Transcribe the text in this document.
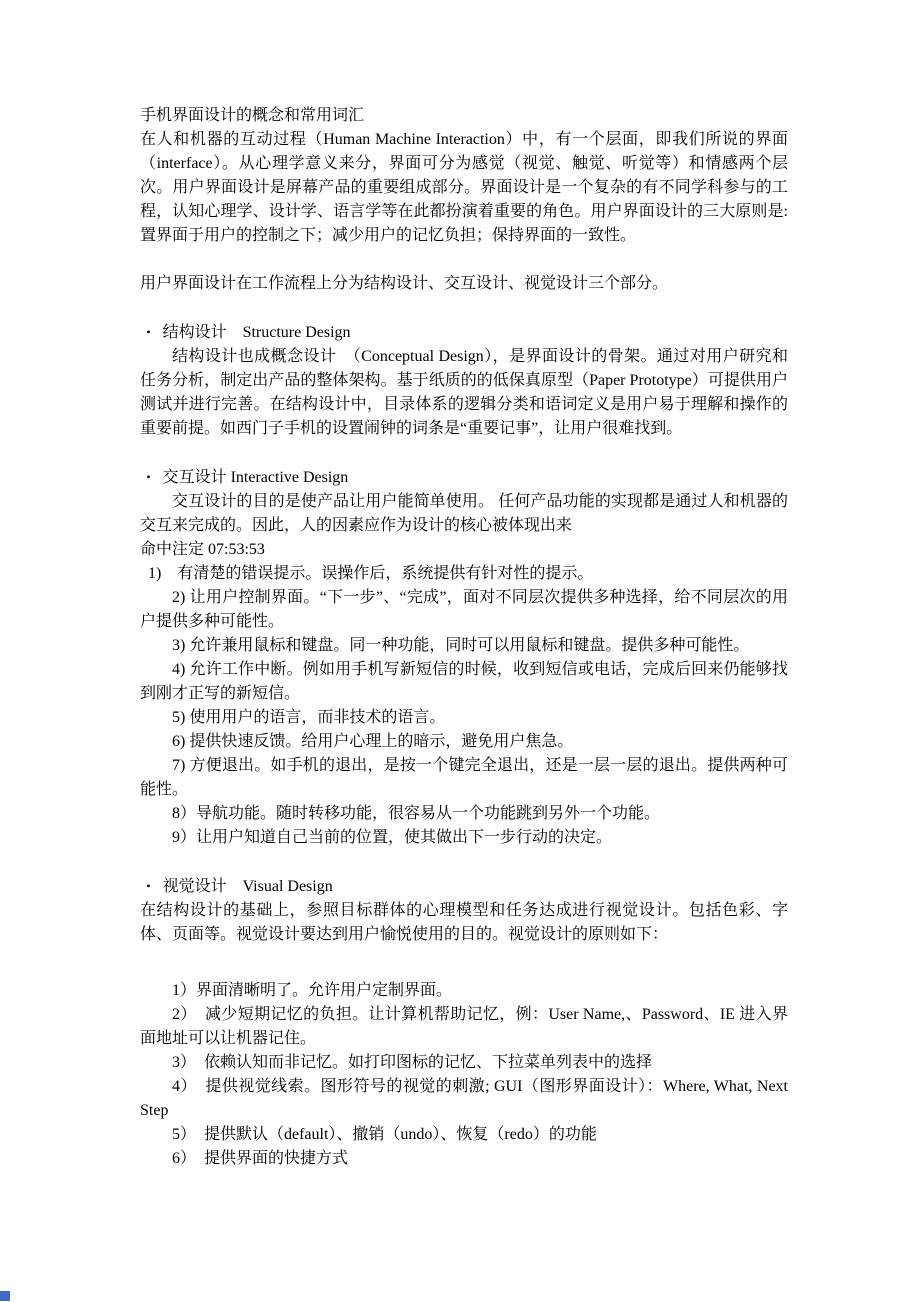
手机界面设计的概念和常用词汇
在人和机器的互动过程（Human Machine Interaction）中，有一个层面，即我们所说的界面（interface）。从心理学意义来分，界面可分为感觉（视觉、触觉、听觉等）和情感两个层次。用户界面设计是屏幕产品的重要组成部分。界面设计是一个复杂的有不同学科参与的工程，认知心理学、设计学、语言学等在此都扮演着重要的角色。用户界面设计的三大原则是: 置界面于用户的控制之下；减少用户的记忆负担；保持界面的一致性。
用户界面设计在工作流程上分为结构设计、交互设计、视觉设计三个部分。
• 结构设计　Structure Design
结构设计也成概念设计　（Conceptual Design），是界面设计的骨架。通过对用户研究和任务分析，制定出产品的整体架构。基于纸质的的低保真原型（Paper Prototype）可提供用户测试并进行完善。在结构设计中，目录体系的逻辑分类和语词定义是用户易于理解和操作的重要前提。如西门子手机的设置闹钟的词条是“重要记事”，让用户很难找到。
• 交互设计 Interactive Design
交互设计的目的是使产品让用户能简单使用。 任何产品功能的实现都是通过人和机器的交互来完成的。因此，人的因素应作为设计的核心被体现出来
命中注定 07:53:53
1)　有清楚的错误提示。误操作后，系统提供有针对性的提示。
2) 让用户控制界面。“下一步”、“完成”，面对不同层次提供多种选择，给不同层次的用户提供多种可能性。
3) 允许兼用鼠标和键盘。同一种功能，同时可以用鼠标和键盘。提供多种可能性。
4) 允许工作中断。例如用手机写新短信的时候，收到短信或电话，完成后回来仍能够找到刚才正写的新短信。
5) 使用用户的语言，而非技术的语言。
6) 提供快速反馈。给用户心理上的暗示，避免用户焦急。
7) 方便退出。如手机的退出，是按一个键完全退出，还是一层一层的退出。提供两种可能性。
8）导航功能。随时转移功能，很容易从一个功能跳到另外一个功能。
9）让用户知道自己当前的位置，使其做出下一步行动的决定。
• 视觉设计　Visual Design
在结构设计的基础上，参照目标群体的心理模型和任务达成进行视觉设计。包括色彩、字体、页面等。视觉设计要达到用户愉悦使用的目的。视觉设计的原则如下：
1）界面清晰明了。允许用户定制界面。
2）　减少短期记忆的负担。让计算机帮助记忆，例：User Name,、Password、IE 进入界面地址可以让机器记住。
3）　依赖认知而非记忆。如打印图标的记忆、下拉菜单列表中的选择
4）　提供视觉线索。图形符号的视觉的刺激; GUI（图形界面设计）：Where, What, Next Step
5）　提供默认（default）、撤销（undo）、恢复（redo）的功能
6）　提供界面的快捷方式
